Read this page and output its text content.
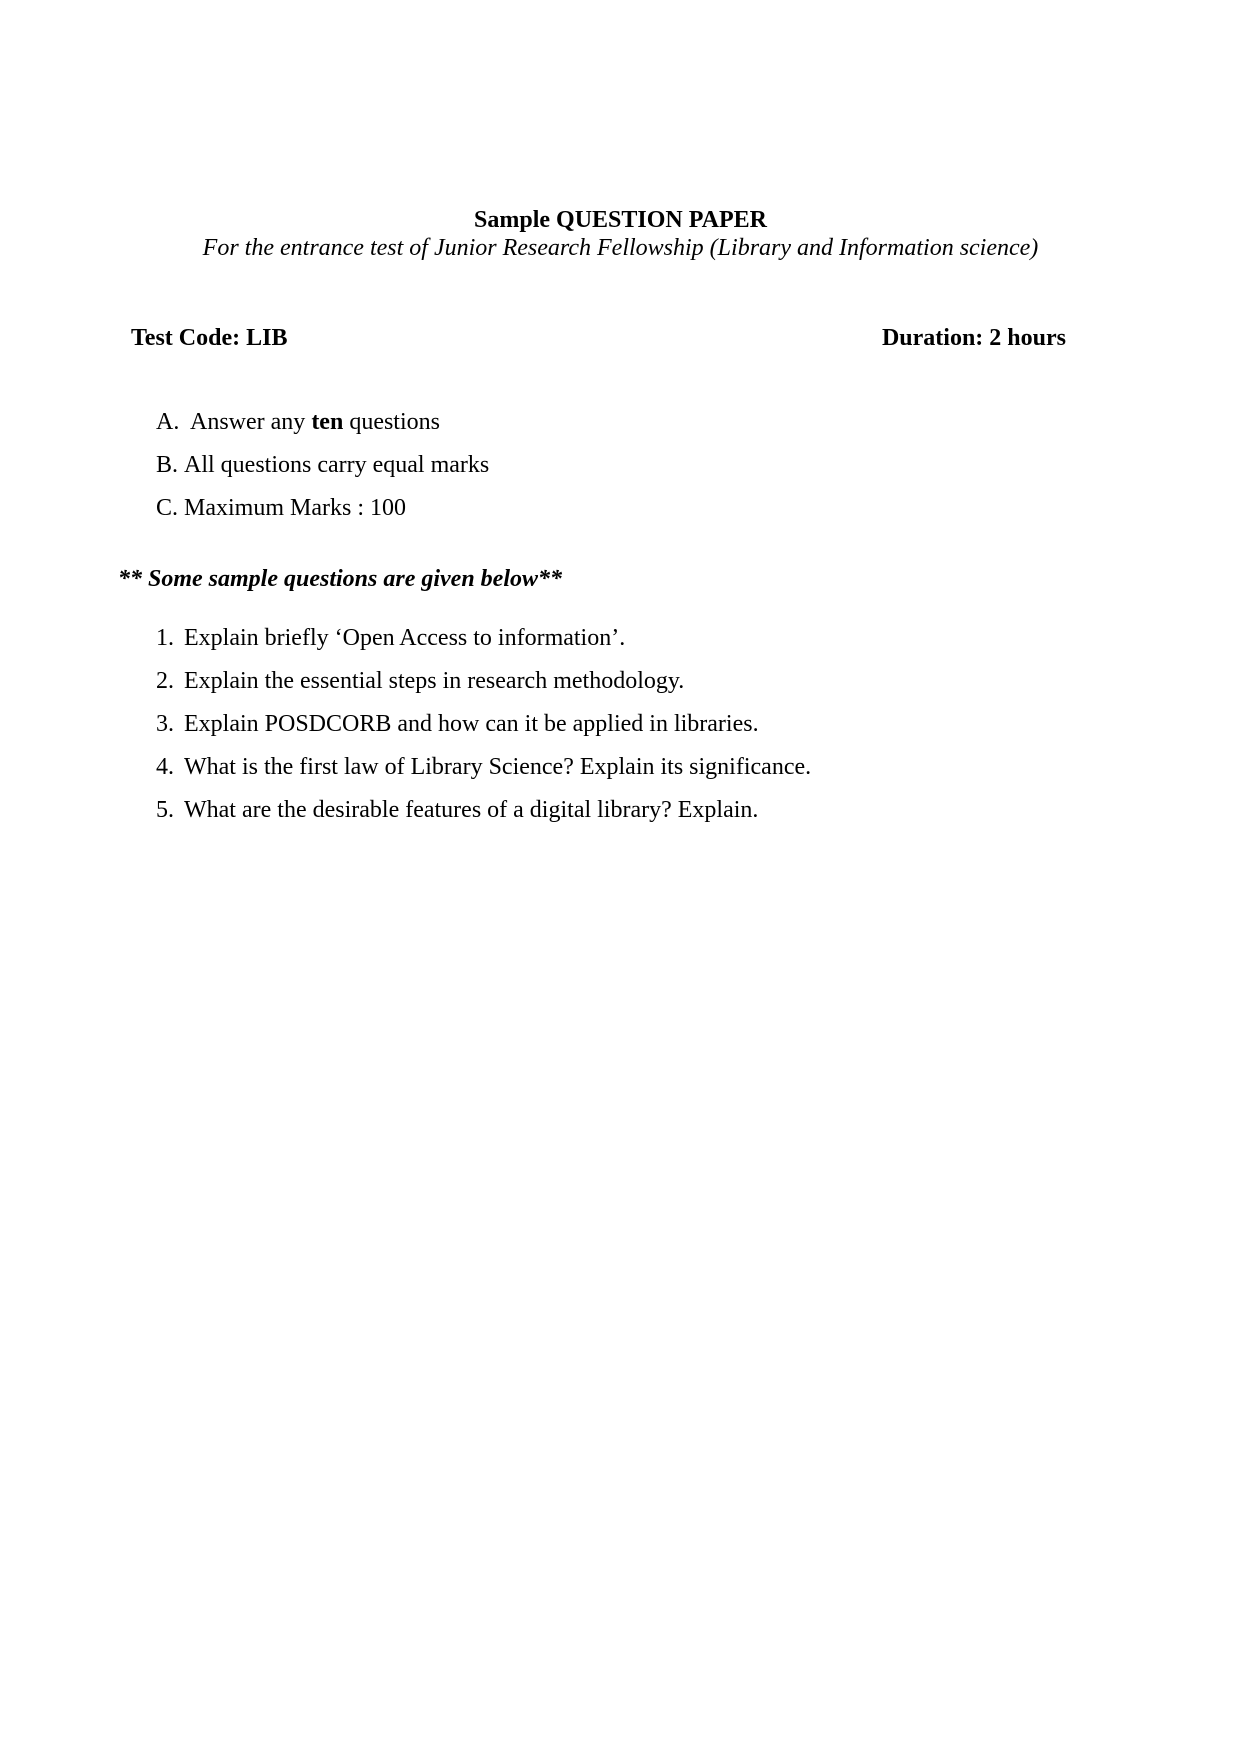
Sample QUESTION PAPER
For the entrance test of Junior Research Fellowship (Library and Information science)
Test Code: LIB	Duration: 2 hours
A. Answer any ten questions
B. All questions carry equal marks
C. Maximum Marks : 100
** Some sample questions are given below**
1. Explain briefly ‘Open Access to information’.
2. Explain the essential steps in research methodology.
3. Explain POSDCORB and how can it be applied in libraries.
4. What is the first law of Library Science? Explain its significance.
5. What are the desirable features of a digital library? Explain.
